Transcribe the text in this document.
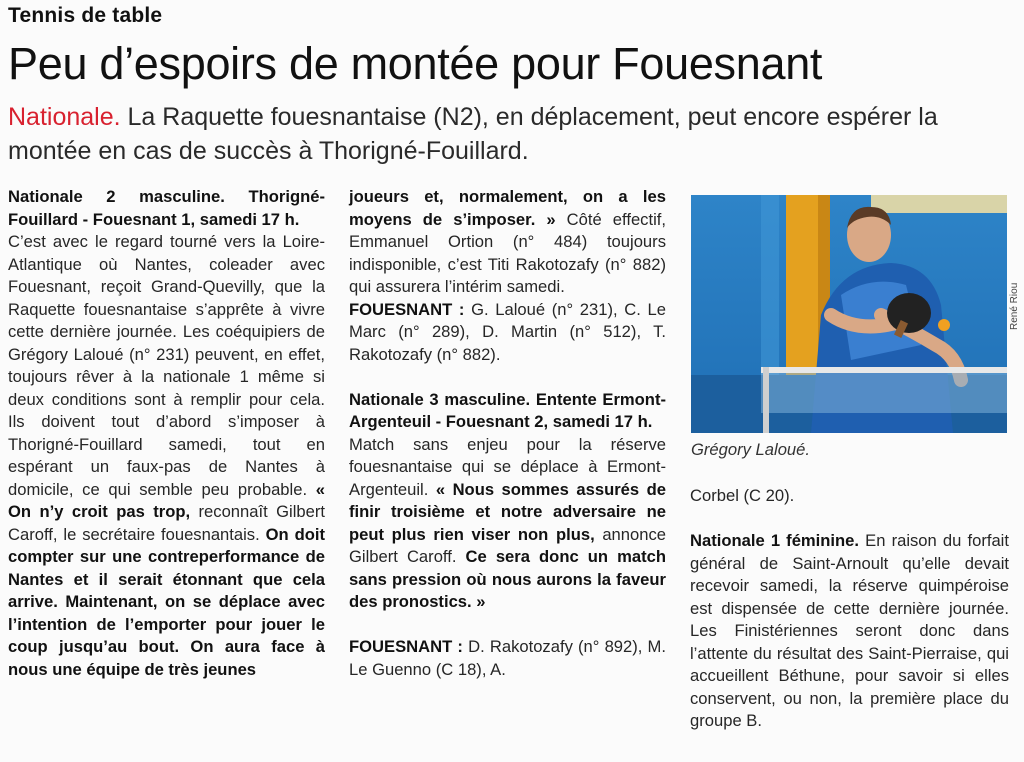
Tennis de table
Peu d’espoirs de montée pour Fouesnant
Nationale. La Raquette fouesnantaise (N2), en déplacement, peut encore espérer la montée en cas de succès à Thorigné-Fouillard.

Nationale 2 masculine. Thorigné-Fouillard - Fouesnant 1, samedi 17 h.

C’est avec le regard tourné vers la Loire-Atlantique où Nantes, coleader avec Fouesnant, reçoit Grand-Quevilly, que la Raquette fouesnantaise s’apprête à vivre cette dernière journée. Les coéquipiers de Grégory Laloué (n° 231) peuvent, en effet, toujours rêver à la nationale 1 même si deux conditions sont à remplir pour cela. Ils doivent tout d’abord s’imposer à Thorigné-Fouillard samedi, tout en espérant un faux-pas de Nantes à domicile, ce qui semble peu probable. « On n’y croit pas trop, reconnaît Gilbert Caroff, le secrétaire fouesnantais. On doit compter sur une contreperformance de Nantes et il serait étonnant que cela arrive. Maintenant, on se déplace avec l’intention de l’emporter pour jouer le coup jusqu’au bout. On aura face à nous une équipe de très jeunes

joueurs et, normalement, on a les moyens de s’imposer. » Côté effectif, Emmanuel Ortion (n° 484) toujours indisponible, c’est Titi Rakotozafy (n° 882) qui assurera l’intérim samedi.

FOUESNANT : G. Laloué (n° 231), C. Le Marc (n° 289), D. Martin (n° 512), T. Rakotozafy (n° 882).

Nationale 3 masculine. Entente Ermont-Argenteuil - Fouesnant 2, samedi 17 h.

Match sans enjeu pour la réserve fouesnantaise qui se déplace à Ermont-Argenteuil. « Nous sommes assurés de finir troisième et notre adversaire ne peut plus rien viser non plus, annonce Gilbert Caroff. Ce sera donc un match sans pression où nous aurons la faveur des pronostics. »

FOUESNANT : D. Rakotozafy (n° 892), M. Le Guenno (C 18), A.

René Riou
Grégory Laloué.

Corbel (C 20).

Nationale 1 féminine. En raison du forfait général de Saint-Arnoult qu’elle devait recevoir samedi, la réserve quimpéroise est dispensée de cette dernière journée. Les Finistériennes seront donc dans l’attente du résultat des Saint-Pierraise, qui accueillent Béthune, pour savoir si elles conservent, ou non, la première place du groupe B.
